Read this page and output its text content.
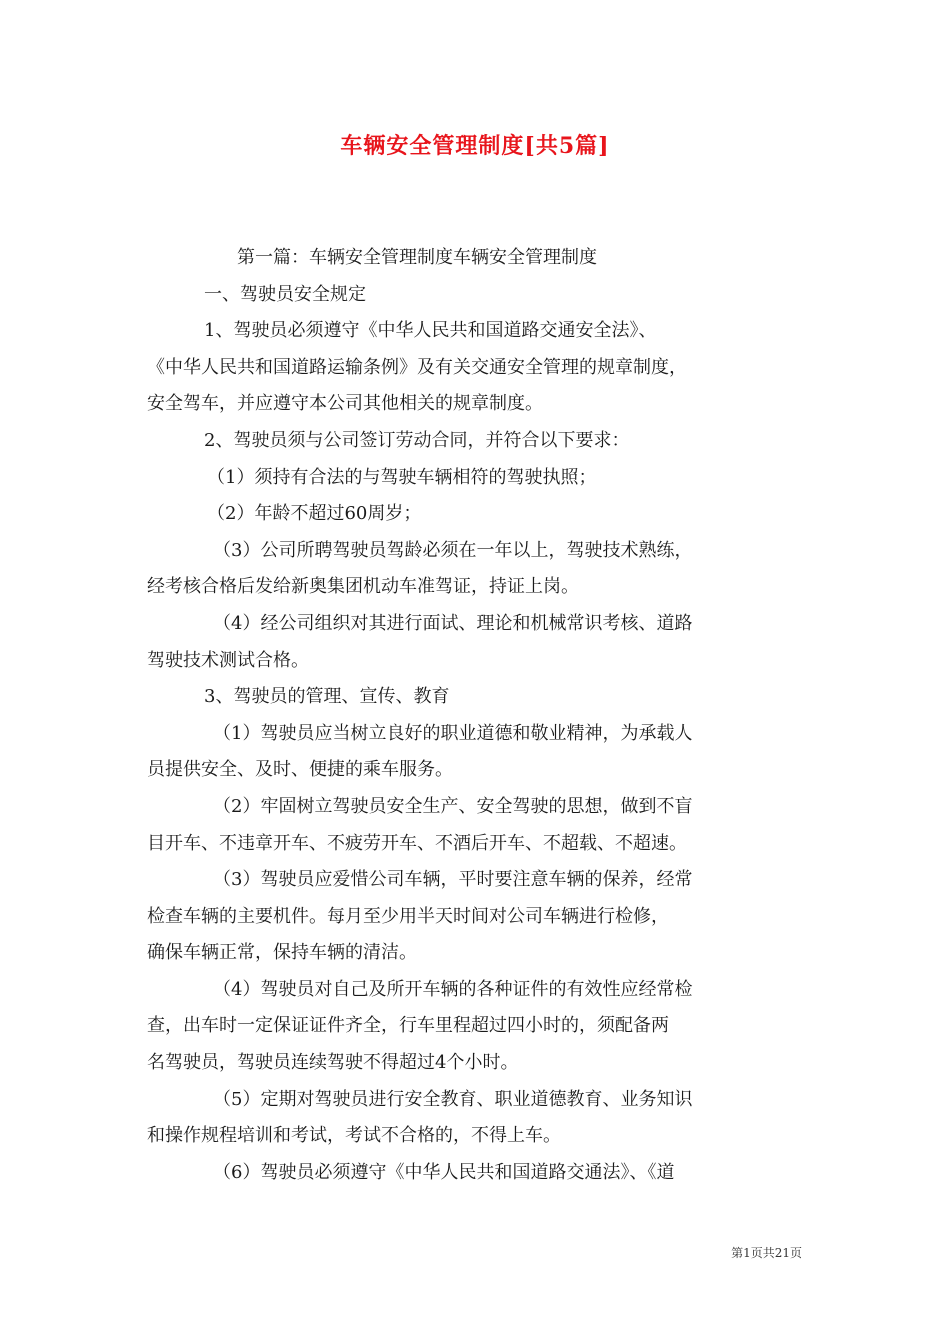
车辆安全管理制度[共5篇]
第一篇：车辆安全管理制度车辆安全管理制度
一、驾驶员安全规定
1、驾驶员必须遵守《中华人民共和国道路交通安全法》、
《中华人民共和国道路运输条例》及有关交通安全管理的规章制度，
安全驾车，并应遵守本公司其他相关的规章制度。
2、驾驶员须与公司签订劳动合同，并符合以下要求：
（1）须持有合法的与驾驶车辆相符的驾驶执照；
（2）年龄不超过60周岁；
（3）公司所聘驾驶员驾龄必须在一年以上，驾驶技术熟练，
经考核合格后发给新奥集团机动车准驾证，持证上岗。
（4）经公司组织对其进行面试、理论和机械常识考核、道路
驾驶技术测试合格。
3、驾驶员的管理、宣传、教育
（1）驾驶员应当树立良好的职业道德和敬业精神，为承载人
员提供安全、及时、便捷的乘车服务。
（2）牢固树立驾驶员安全生产、安全驾驶的思想，做到不盲
目开车、不违章开车、不疲劳开车、不酒后开车、不超载、不超速。
（3）驾驶员应爱惜公司车辆，平时要注意车辆的保养，经常
检查车辆的主要机件。每月至少用半天时间对公司车辆进行检修，
确保车辆正常，保持车辆的清洁。
（4）驾驶员对自己及所开车辆的各种证件的有效性应经常检
查，出车时一定保证证件齐全，行车里程超过四小时的，须配备两
名驾驶员，驾驶员连续驾驶不得超过4个小时。
（5）定期对驾驶员进行安全教育、职业道德教育、业务知识
和操作规程培训和考试，考试不合格的，不得上车。
（6）驾驶员必须遵守《中华人民共和国道路交通法》、《道
第1页共21页
